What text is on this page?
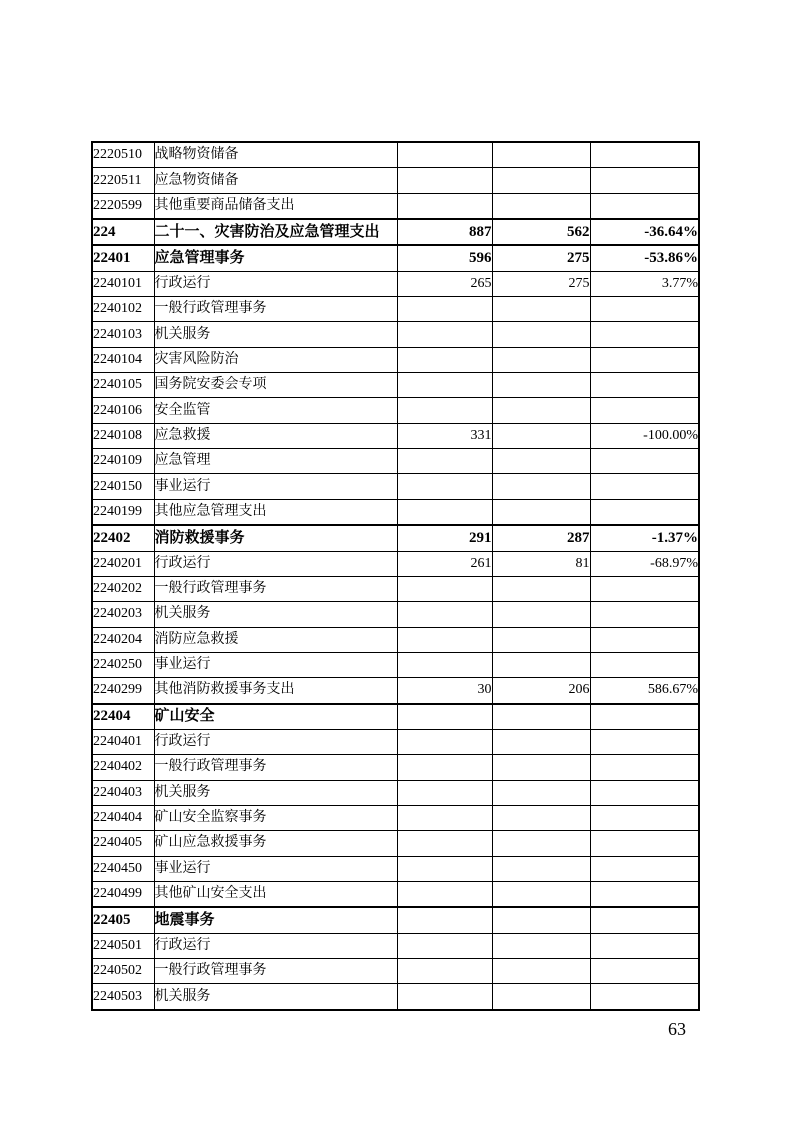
2220510	战略物资储备			
2220511	应急物资储备			
2220599	其他重要商品储备支出			
224	二十一、灾害防治及应急管理支出	887	562	-36.64%
22401	应急管理事务	596	275	-53.86%
2240101	行政运行	265	275	3.77%
2240102	一般行政管理事务			
2240103	机关服务			
2240104	灾害风险防治			
2240105	国务院安委会专项			
2240106	安全监管			
2240108	应急救援	331		-100.00%
2240109	应急管理			
2240150	事业运行			
2240199	其他应急管理支出			
22402	消防救援事务	291	287	-1.37%
2240201	行政运行	261	81	-68.97%
2240202	一般行政管理事务			
2240203	机关服务			
2240204	消防应急救援			
2240250	事业运行			
2240299	其他消防救援事务支出	30	206	586.67%
22404	矿山安全			
2240401	行政运行			
2240402	一般行政管理事务			
2240403	机关服务			
2240404	矿山安全监察事务			
2240405	矿山应急救援事务			
2240450	事业运行			
2240499	其他矿山安全支出			
22405	地震事务			
2240501	行政运行			
2240502	一般行政管理事务			
2240503	机关服务			
63
